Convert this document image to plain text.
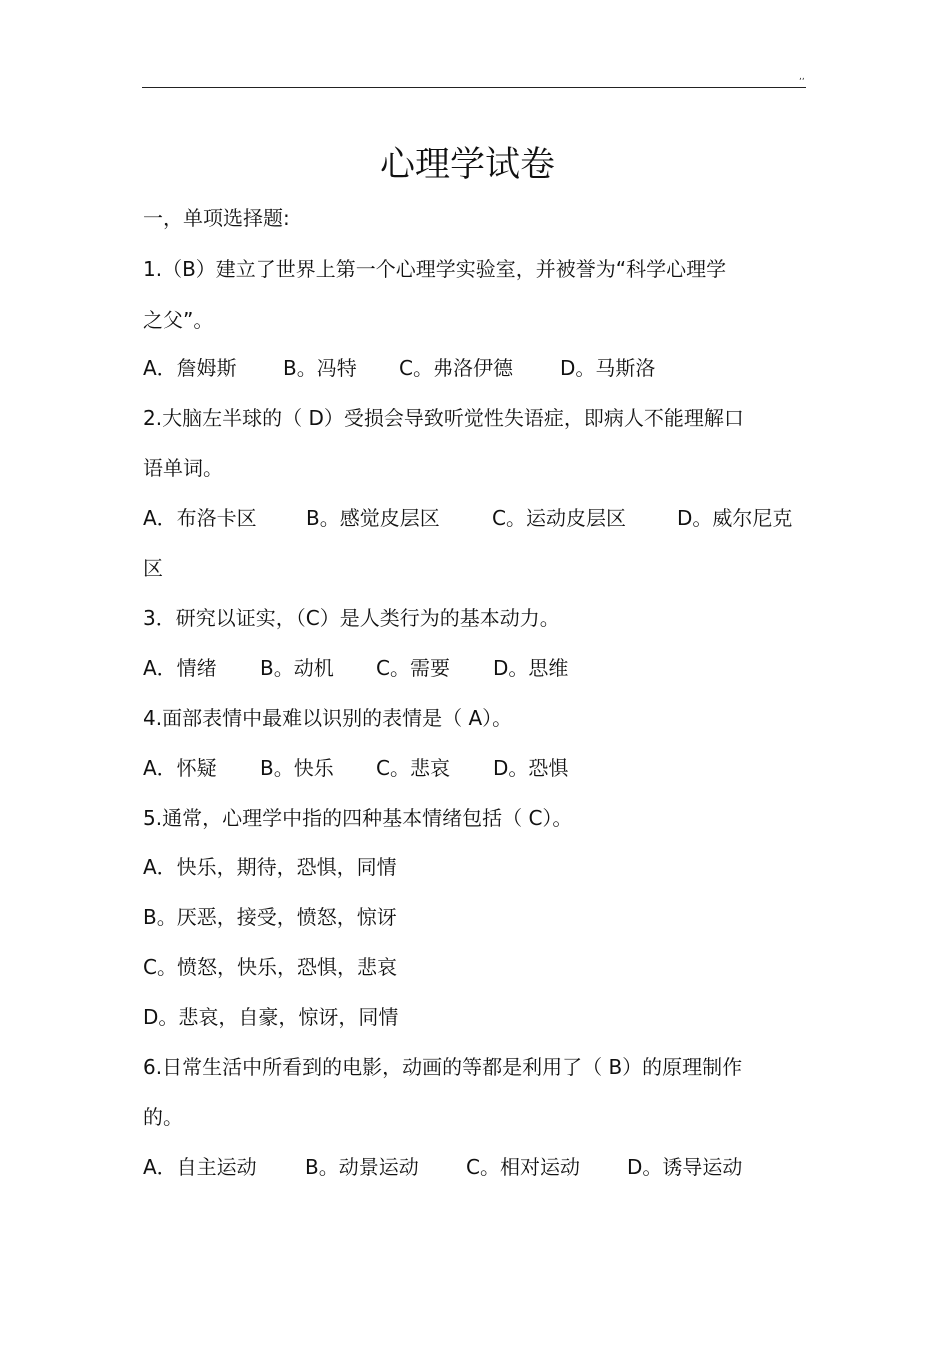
,,
心理学试卷
一，单项选择题:
1.（B）建立了世界上第一个心理学实验室，并被誉为“科学心理学
之父”。
A．詹姆斯 B。冯特 C。弗洛伊德 D。马斯洛
2.大脑左半球的（ D）受损会导致听觉性失语症，即病人不能理解口
语单词。
A．布洛卡区 B。感觉皮层区	C。运动皮层区	D。威尔尼克
区
3．研究以证实，（C）是人类行为的基本动力。
A．情绪 B。动机 C。需要 D。思维
4.面部表情中最难以识别的表情是（ A）。
A．怀疑 B。快乐 C。悲哀 D。恐惧
5.通常，心理学中指的四种基本情绪包括（ C）。
A．快乐，期待，恐惧，同情
B。厌恶，接受，愤怒，惊讶
C。愤怒，快乐，恐惧，悲哀
D。悲哀，自豪，惊讶，同情
6.日常生活中所看到的电影，动画的等都是利用了（ B）的原理制作
的。
A．自主运动 B。动景运动 C。相对运动 D。诱导运动
